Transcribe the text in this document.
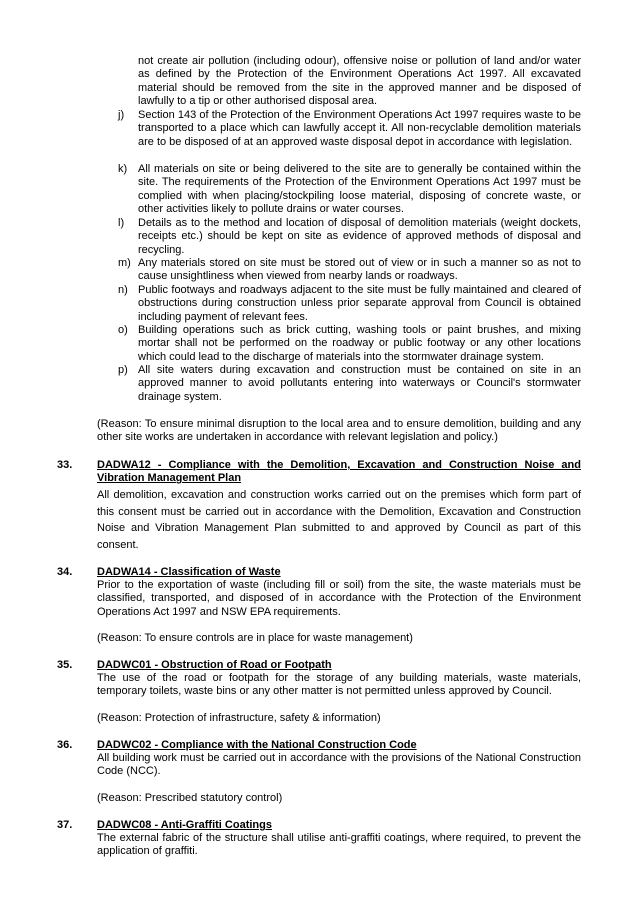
not create air pollution (including odour), offensive noise or pollution of land and/or water as defined by the Protection of the Environment Operations Act 1997. All excavated material should be removed from the site in the approved manner and be disposed of lawfully to a tip or other authorised disposal area.
j)	Section 143 of the Protection of the Environment Operations Act 1997 requires waste to be transported to a place which can lawfully accept it. All non-recyclable demolition materials are to be disposed of at an approved waste disposal depot in accordance with legislation.
k) All materials on site or being delivered to the site are to generally be contained within the site. The requirements of the Protection of the Environment Operations Act 1997 must be complied with when placing/stockpiling loose material, disposing of concrete waste, or other activities likely to pollute drains or water courses.
l)	Details as to the method and location of disposal of demolition materials (weight dockets, receipts etc.) should be kept on site as evidence of approved methods of disposal and recycling.
m) Any materials stored on site must be stored out of view or in such a manner so as not to cause unsightliness when viewed from nearby lands or roadways.
n) Public footways and roadways adjacent to the site must be fully maintained and cleared of obstructions during construction unless prior separate approval from Council is obtained including payment of relevant fees.
o) Building operations such as brick cutting, washing tools or paint brushes, and mixing mortar shall not be performed on the roadway or public footway or any other locations which could lead to the discharge of materials into the stormwater drainage system.
p) All site waters during excavation and construction must be contained on site in an approved manner to avoid pollutants entering into waterways or Council's stormwater drainage system.
(Reason: To ensure minimal disruption to the local area and to ensure demolition, building and any other site works are undertaken in accordance with relevant legislation and policy.)
33. DADWA12 - Compliance with the Demolition, Excavation and Construction Noise and Vibration Management Plan
All demolition, excavation and construction works carried out on the premises which form part of this consent must be carried out in accordance with the Demolition, Excavation and Construction Noise and Vibration Management Plan submitted to and approved by Council as part of this consent.
34. DADWA14 - Classification of Waste
Prior to the exportation of waste (including fill or soil) from the site, the waste materials must be classified, transported, and disposed of in accordance with the Protection of the Environment Operations Act 1997 and NSW EPA requirements.
(Reason: To ensure controls are in place for waste management)
35. DADWC01 - Obstruction of Road or Footpath
The use of the road or footpath for the storage of any building materials, waste materials, temporary toilets, waste bins or any other matter is not permitted unless approved by Council.
(Reason: Protection of infrastructure, safety & information)
36. DADWC02 - Compliance with the National Construction Code
All building work must be carried out in accordance with the provisions of the National Construction Code (NCC).
(Reason: Prescribed statutory control)
37. DADWC08 - Anti-Graffiti Coatings
The external fabric of the structure shall utilise anti-graffiti coatings, where required, to prevent the application of graffiti.
